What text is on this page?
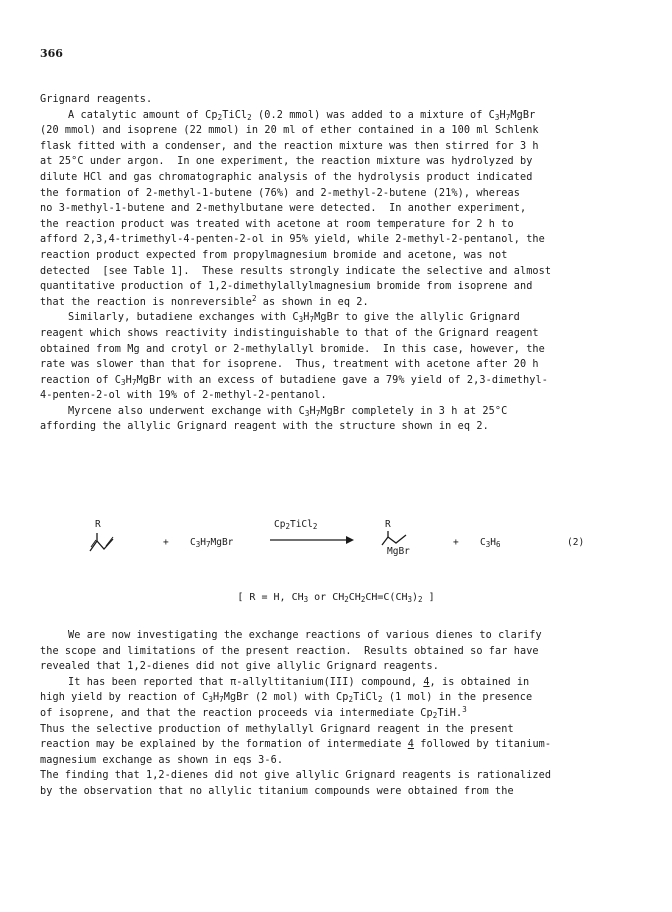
366

Grignard reagents.

A catalytic amount of $Cp_2TiCl_2$ (0.2 mmol) was added to a mixture of $C_3H_7MgBr$
(20 mmol) and isoprene (22 mmol) in 20 ml of ether contained in a 100 ml Schlenk
flask fitted with a condenser, and the reaction mixture was then stirred for 3 h
at 25°C under argon.  In one experiment, the reaction mixture was hydrolyzed by
dilute HCl and gas chromatographic analysis of the hydrolysis product indicated
the formation of 2-methyl-1-butene (76%) and 2-methyl-2-butene (21%), whereas
no 3-methyl-1-butene and 2-methylbutane were detected.  In another experiment,
the reaction product was treated with acetone at room temperature for 2 h to
afford 2,3,4-trimethyl-4-penten-2-ol in 95% yield, while 2-methyl-2-pentanol, the
reaction product expected from propylmagnesium bromide and acetone, was not
detected  [see Table 1].  These results strongly indicate the selective and almost
quantitative production of 1,2-dimethylallylmagnesium bromide from isoprene and
that the reaction is nonreversible$^2$ as shown in eq 2.

Similarly, butadiene exchanges with $C_3H_7MgBr$ to give the allylic Grignard
reagent which shows reactivity indistinguishable to that of the Grignard reagent
obtained from Mg and crotyl or 2-methylallyl bromide.  In this case, however, the
rate was slower than that for isoprene.  Thus, treatment with acetone after 20 h
reaction of $C_3H_7MgBr$ with an excess of butadiene gave a 79% yield of 2,3-dimethyl-
4-penten-2-ol with 19% of 2-methyl-2-pentanol.

Myrcene also underwent exchange with $C_3H_7MgBr$ completely in 3 h at 25°C
affording the allylic Grignard reagent with the structure shown in eq 2.

R
+ $C_3H_7MgBr$
$Cp_2TiCl_2$	R
MgBr
+ $C_3H_6$	(2)
[ R = H, $CH_3$ or $CH_2CH_2CH=C(CH_3)_2$ ]

We are now investigating the exchange reactions of various dienes to clarify
the scope and limitations of the present reaction.  Results obtained so far have
revealed that 1,2-dienes did not give allylic Grignard reagents.

It has been reported that π-allyltitanium(III) compound, 4, is obtained in
high yield by reaction of $C_3H_7MgBr$ (2 mol) with $Cp_2TiCl_2$ (1 mol) in the presence
of isoprene, and that the reaction proceeds via intermediate $Cp_2TiH.^3$

Thus the selective production of methylallyl Grignard reagent in the present
reaction may be explained by the formation of intermediate 4 followed by titanium-
magnesium exchange as shown in eqs 3-6.

The finding that 1,2-dienes did not give allylic Grignard reagents is rationalized
by the observation that no allylic titanium compounds were obtained from the
